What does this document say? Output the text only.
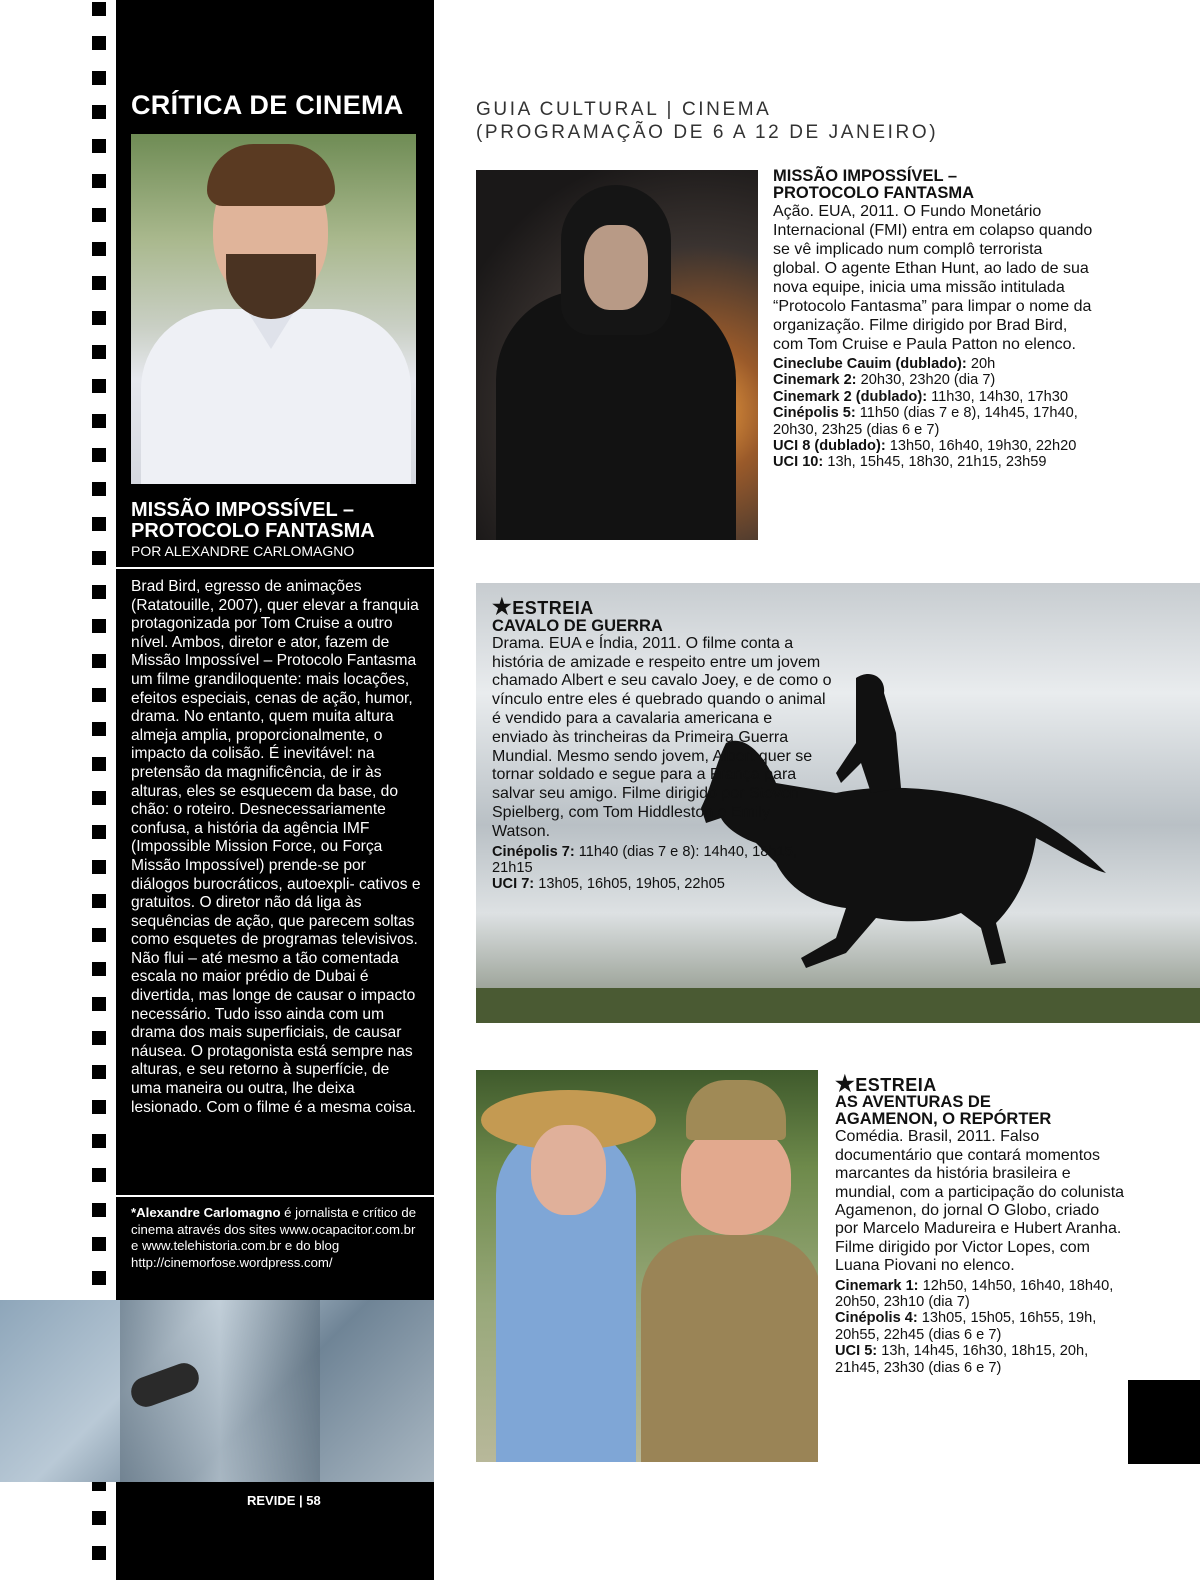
CRÍTICA DE CINEMA
MISSÃO IMPOSSÍVEL –
PROTOCOLO FANTASMA
POR ALEXANDRE CARLOMAGNO
Brad Bird, egresso de animações (Ratatouille, 2007), quer elevar a franquia protagonizada por Tom Cruise a outro nível. Ambos, diretor e ator, fazem de Missão Impossível – Protocolo Fantasma um filme grandiloquente: mais locações, efeitos especiais, cenas de ação, humor, drama. No entanto, quem muita altura almeja amplia, proporcionalmente, o impacto da colisão. É inevitável: na pretensão da magnificência, de ir às alturas, eles se esquecem da base, do chão: o roteiro. Desnecessariamente confusa, a história da agência IMF (Impossible Mission Force, ou Força Missão Impossível) prende-se por diálogos burocráticos, autoexpli- cativos e gratuitos. O diretor não dá liga às sequências de ação, que parecem soltas como esquetes de programas televisivos. Não flui – até mesmo a tão comentada escala no maior prédio de Dubai é divertida, mas longe de causar o impacto necessário. Tudo isso ainda com um drama dos mais superficiais, de causar náusea. O protagonista está sempre nas alturas, e seu retorno à superfície, de uma maneira ou outra, lhe deixa lesionado. Com o filme é a mesma coisa.
*Alexandre Carlomagno é jornalista e crítico de cinema através dos sites www.ocapacitor.com.br e www.telehistoria.com.br e do blog http://cinemorfose.wordpress.com/
REVIDE | 58
GUIA CULTURAL | CINEMA
(PROGRAMAÇÃO DE 6 A 12 DE JANEIRO)
MISSÃO IMPOSSÍVEL –
PROTOCOLO FANTASMA
Ação. EUA, 2011. O Fundo Monetário Internacional (FMI) entra em colapso quando se vê implicado num complô terrorista global. O agente Ethan Hunt, ao lado de sua nova equipe, inicia uma missão intitulada “Protocolo Fantasma” para limpar o nome da organização. Filme dirigido por Brad Bird, com Tom Cruise e Paula Patton no elenco.
Cineclube Cauim (dublado): 20h
Cinemark 2: 20h30, 23h20 (dia 7)
Cinemark 2 (dublado): 11h30, 14h30, 17h30
Cinépolis 5: 11h50 (dias 7 e 8), 14h45, 17h40, 20h30, 23h25 (dias 6 e 7)
UCI 8 (dublado): 13h50, 16h40, 19h30, 22h20
UCI 10: 13h, 15h45, 18h30, 21h15, 23h59
★ESTREIA
CAVALO DE GUERRA
Drama. EUA e Índia, 2011. O filme conta a história de amizade e respeito entre um jovem chamado Albert e seu cavalo Joey, e de como o vínculo entre eles é quebrado quando o animal é vendido para a cavalaria americana e enviado às trincheiras da Primeira Guerra Mundial. Mesmo sendo jovem, Albert quer se tornar soldado e segue para a França para salvar seu amigo. Filme dirigido por Steven Spielberg, com Tom Hiddleston e Emily Watson.
Cinépolis 7: 11h40 (dias 7 e 8): 14h40, 18h15, 21h15
UCI 7: 13h05, 16h05, 19h05, 22h05
★ESTREIA
AS AVENTURAS DE
AGAMENON, O REPÓRTER
Comédia. Brasil, 2011. Falso documentário que contará momentos marcantes da história brasileira e mundial, com a participação do colunista Agamenon, do jornal O Globo, criado por Marcelo Madureira e Hubert Aranha. Filme dirigido por Victor Lopes, com Luana Piovani no elenco.
Cinemark 1: 12h50, 14h50, 16h40, 18h40, 20h50, 23h10 (dia 7)
Cinépolis 4: 13h05, 15h05, 16h55, 19h, 20h55, 22h45 (dias 6 e 7)
UCI 5: 13h, 14h45, 16h30, 18h15, 20h, 21h45, 23h30 (dias 6 e 7)
